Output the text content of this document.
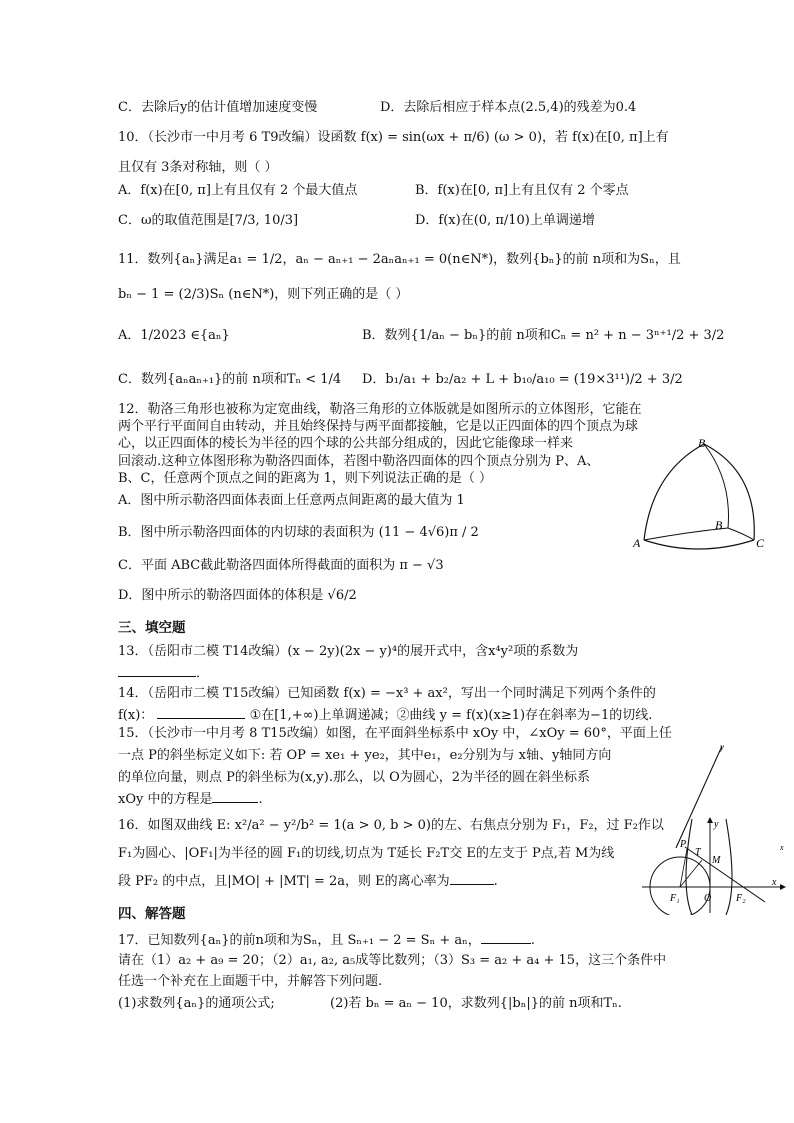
C．去除后y的估计值增加速度变慢	D．去除后相应于样本点(2.5,4)的残差为0.4
10．（长沙市一中月考 6 T9改编）设函数 f(x) = sin(ωx + π/6) (ω > 0)，若 f(x)在[0, π]上有
且仅有 3条对称轴，则（ ）
A．f(x)在[0, π]上有且仅有 2 个最大值点	B．f(x)在[0, π]上有且仅有 2 个零点
C．ω的取值范围是[7/3, 10/3]	D．f(x)在(0, π/10)上单调递增
11．数列{aₙ}满足a₁ = 1/2，aₙ − aₙ₊₁ − 2aₙaₙ₊₁ = 0(n∈N*)，数列{bₙ}的前 n项和为Sₙ，且
bₙ − 1 = (2/3)Sₙ (n∈N*)，则下列正确的是（ ）
A．1/2023 ∈{aₙ}	B．数列{1/aₙ − bₙ}的前 n项和Cₙ = n² + n − 3ⁿ⁺¹/2 + 3/2
C．数列{aₙaₙ₊₁}的前 n项和Tₙ < 1/4 D．b₁/a₁ + b₂/a₂ + L + b₁₀/a₁₀ = (19×3¹¹)/2 + 3/2
12．勒洛三角形也被称为定宽曲线，勒洛三角形的立体版就是如图所示的立体图形，它能在
两个平行平面间自由转动，并且始终保持与两平面都接触，它是以正四面体的四个顶点为球
心，以正四面体的棱长为半径的四个球的公共部分组成的，因此它能像球一样来
回滚动.这种立体图形称为勒洛四面体，若图中勒洛四面体的四个顶点分别为 P、A、
B、C，任意两个顶点之间的距离为 1，则下列说法正确的是（ ）
A．图中所示勒洛四面体表面上任意两点间距离的最大值为 1
B．图中所示勒洛四面体的内切球的表面积为 (11 − 4√6)π / 2
C．平面 ABC截此勒洛四面体所得截面的面积为 π − √3
D．图中所示的勒洛四面体的体积是 √6/2
B
B
A	C
三、填空题
13．（岳阳市二模 T14改编）(x − 2y)(2x − y)⁴的展开式中，含x⁴y²项的系数为
．
14．（岳阳市二模 T15改编）已知函数 f(x) = −x³ + ax²，写出一个同时满足下列两个条件的
f(x)：	①在[1,+∞)上单调递减；②曲线 y = f(x)(x≥1)存在斜率为−1的切线.
15．（长沙市一中月考 8 T15改编）如图，在平面斜坐标系中 xOy 中，∠xOy = 60°，平面上任
一点 P的斜坐标定义如下: 若 OP = xe₁ + ye₂，其中e₁，e₂分别为与 x轴、y轴同方向
的单位向量，则点 P的斜坐标为(x,y).那么，以 O为圆心，2为半径的圆在斜坐标系
xOy 中的方程是	.
y
16．如图双曲线 E: x²/a² − y²/b² = 1(a > 0, b > 0)的左、右焦点分别为 F₁，F₂，过 F₂作以
F₁为圆心、|OF₁|为半径的圆 F₁的切线,切点为 T延长 F₂T交 E的左支于 P点,若 M为线
段 PF₂ 的中点，且|MO| + |MT| = 2a，则 E的离心率为	.
y
P
T
M
F₁ O F₂
x
x
四、解答题
17．已知数列{aₙ}的前n项和为Sₙ，且 Sₙ₊₁ − 2 = Sₙ + aₙ，	.
请在（1）a₂ + a₉ = 20；（2）a₁, a₂, a₅成等比数列；（3）S₃ = a₂ + a₄ + 15，这三个条件中
任选一个补充在上面题干中，并解答下列问题.
(1)求数列{aₙ}的通项公式;	(2)若 bₙ = aₙ − 10，求数列{|bₙ|}的前 n项和Tₙ.
